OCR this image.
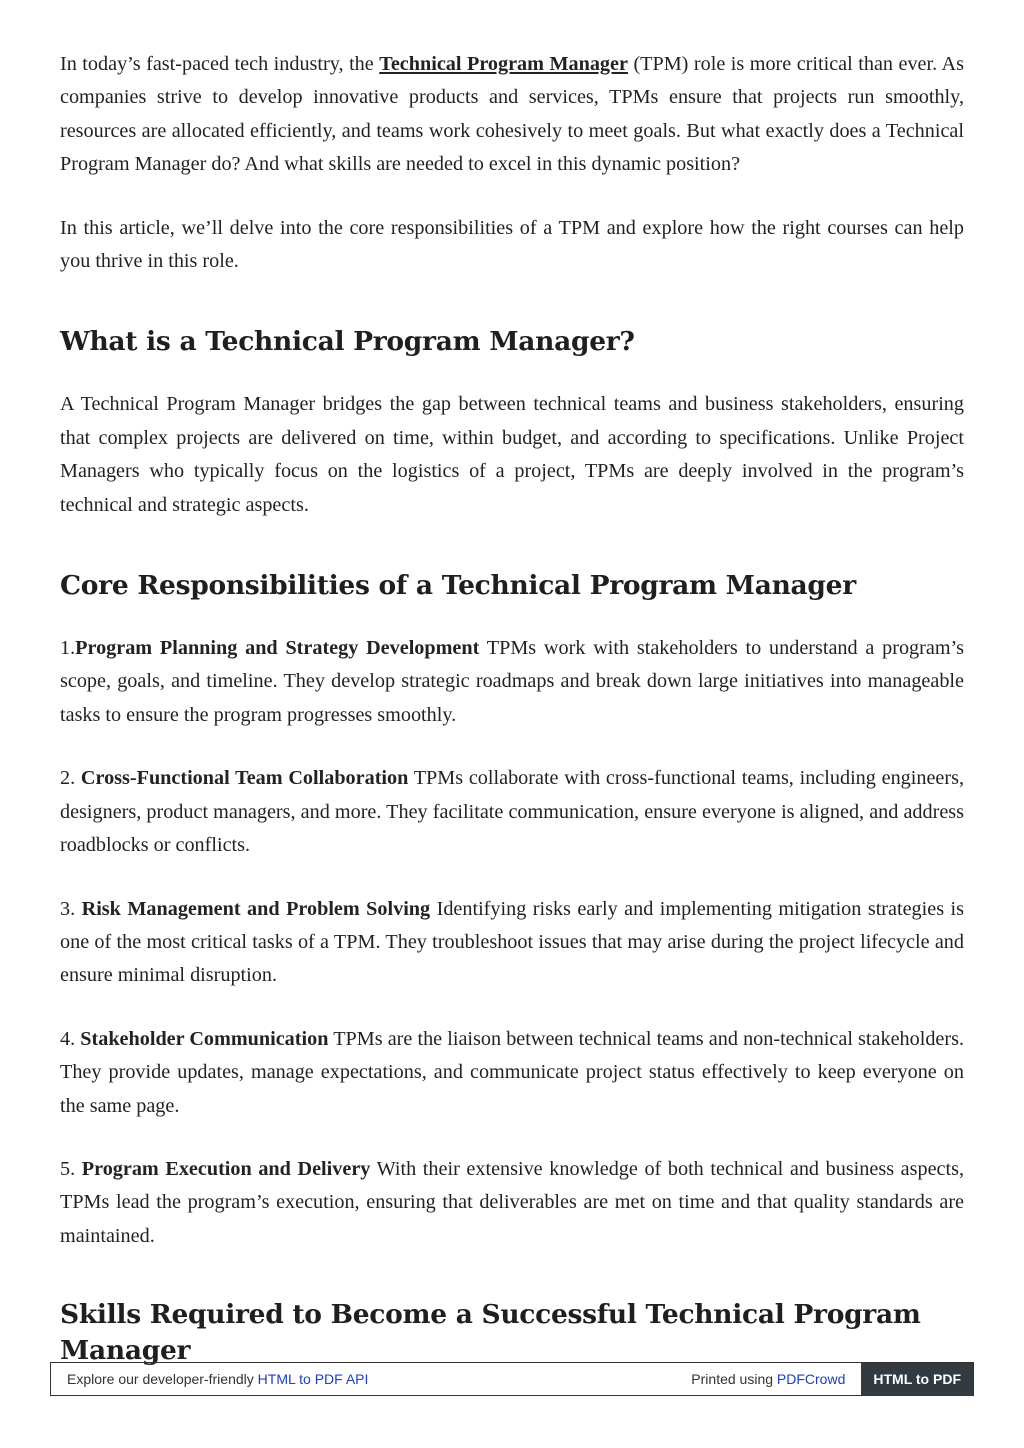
In today’s fast-paced tech industry, the Technical Program Manager (TPM) role is more critical than ever. As companies strive to develop innovative products and services, TPMs ensure that projects run smoothly, resources are allocated efficiently, and teams work cohesively to meet goals. But what exactly does a Technical Program Manager do? And what skills are needed to excel in this dynamic position?

In this article, we’ll delve into the core responsibilities of a TPM and explore how the right courses can help you thrive in this role.

What is a Technical Program Manager?

A Technical Program Manager bridges the gap between technical teams and business stakeholders, ensuring that complex projects are delivered on time, within budget, and according to specifications. Unlike Project Managers who typically focus on the logistics of a project, TPMs are deeply involved in the program’s technical and strategic aspects.

Core Responsibilities of a Technical Program Manager

1.Program Planning and Strategy Development TPMs work with stakeholders to understand a program’s scope, goals, and timeline. They develop strategic roadmaps and break down large initiatives into manageable tasks to ensure the program progresses smoothly.

2. Cross-Functional Team Collaboration TPMs collaborate with cross-functional teams, including engineers, designers, product managers, and more. They facilitate communication, ensure everyone is aligned, and address roadblocks or conflicts.

3. Risk Management and Problem Solving Identifying risks early and implementing mitigation strategies is one of the most critical tasks of a TPM. They troubleshoot issues that may arise during the project lifecycle and ensure minimal disruption.

4. Stakeholder Communication TPMs are the liaison between technical teams and non-technical stakeholders. They provide updates, manage expectations, and communicate project status effectively to keep everyone on the same page.

5. Program Execution and Delivery With their extensive knowledge of both technical and business aspects, TPMs lead the program’s execution, ensuring that deliverables are met on time and that quality standards are maintained.

Skills Required to Become a Successful Technical Program Manager
Explore our developer-friendly HTML to PDF API	Printed using PDFCrowd	HTML to PDF
